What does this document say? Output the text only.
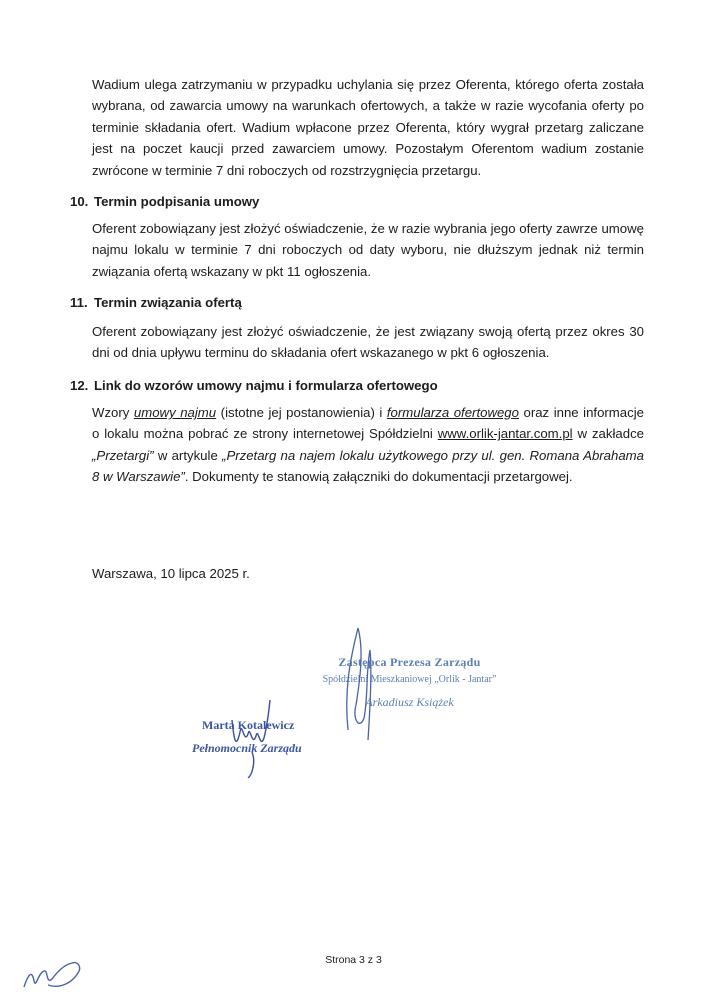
Wadium ulega zatrzymaniu w przypadku uchylania się przez Oferenta, którego oferta została wybrana, od zawarcia umowy na warunkach ofertowych, a także w razie wycofania oferty po terminie składania ofert. Wadium wpłacone przez Oferenta, który wygrał przetarg zaliczane jest na poczet kaucji przed zawarciem umowy. Pozostałym Oferentom wadium zostanie zwrócone w terminie 7 dni roboczych od rozstrzygnięcia przetargu.

10. Termin podpisania umowy

Oferent zobowiązany jest złożyć oświadczenie, że w razie wybrania jego oferty zawrze umowę najmu lokalu w terminie 7 dni roboczych od daty wyboru, nie dłuższym jednak niż termin związania ofertą wskazany w pkt 11 ogłoszenia.

11. Termin związania ofertą

Oferent zobowiązany jest złożyć oświadczenie, że jest związany swoją ofertą przez okres 30 dni od dnia upływu terminu do składania ofert wskazanego w pkt 6 ogłoszenia.

12. Link do wzorów umowy najmu i formularza ofertowego

Wzory umowy najmu (istotne jej postanowienia) i formularza ofertowego oraz inne informacje o lokalu można pobrać ze strony internetowej Spółdzielni www.orlik-jantar.com.pl w zakładce „Przetargi” w artykule „Przetarg na najem lokalu użytkowego przy ul. gen. Romana Abrahama 8 w Warszawie”. Dokumenty te stanowią załączniki do dokumentacji przetargowej.

Warszawa, 10 lipca 2025 r.
Zastępca Prezesa Zarządu
Spółdzielni Mieszkaniowej „Orlik - Jantar”
Arkadiusz Książek
Marta Kotalewicz
Pełnomocnik Zarządu
Strona 3 z 3
